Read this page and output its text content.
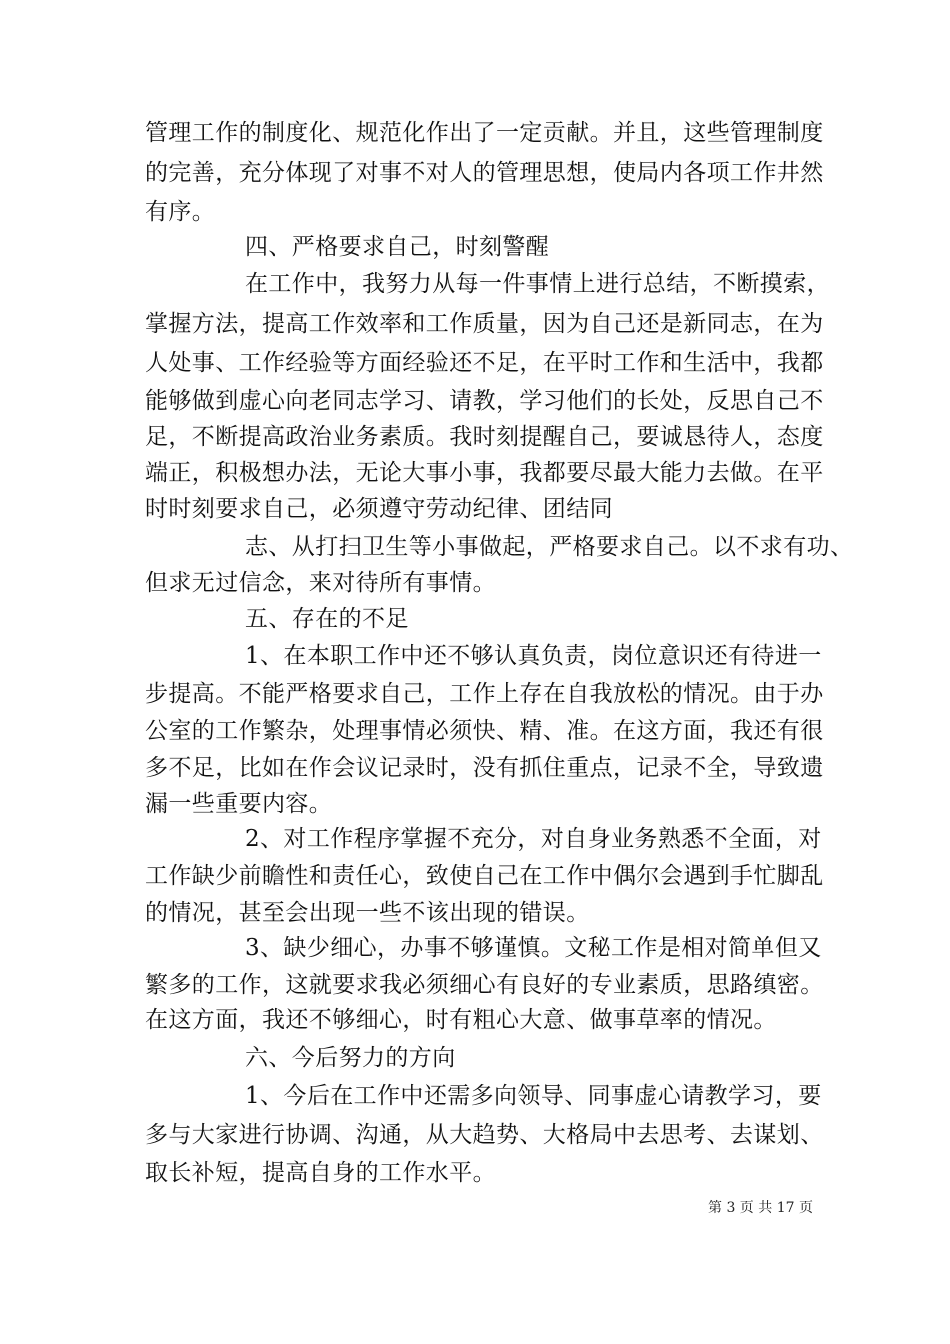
管理工作的制度化、规范化作出了一定贡献。并且，这些管理制度
的完善，充分体现了对事不对人的管理思想，使局内各项工作井然
有序。
四、严格要求自己，时刻警醒
在工作中，我努力从每一件事情上进行总结，不断摸索，
掌握方法，提高工作效率和工作质量，因为自己还是新同志，在为
人处事、工作经验等方面经验还不足，在平时工作和生活中，我都
能够做到虚心向老同志学习、请教，学习他们的长处，反思自己不
足，不断提高政治业务素质。我时刻提醒自己，要诚恳待人，态度
端正，积极想办法，无论大事小事，我都要尽最大能力去做。在平
时时刻要求自己，必须遵守劳动纪律、团结同
志、从打扫卫生等小事做起，严格要求自己。以不求有功、
但求无过信念，来对待所有事情。
五、存在的不足
1、在本职工作中还不够认真负责，岗位意识还有待进一
步提高。不能严格要求自己，工作上存在自我放松的情况。由于办
公室的工作繁杂，处理事情必须快、精、准。在这方面，我还有很
多不足，比如在作会议记录时，没有抓住重点，记录不全，导致遗
漏一些重要内容。
2、对工作程序掌握不充分，对自身业务熟悉不全面，对
工作缺少前瞻性和责任心，致使自己在工作中偶尔会遇到手忙脚乱
的情况，甚至会出现一些不该出现的错误。
3、缺少细心，办事不够谨慎。文秘工作是相对简单但又
繁多的工作，这就要求我必须细心有良好的专业素质，思路缜密。
在这方面，我还不够细心，时有粗心大意、做事草率的情况。
六、今后努力的方向
1、今后在工作中还需多向领导、同事虚心请教学习，要
多与大家进行协调、沟通，从大趋势、大格局中去思考、去谋划、
取长补短，提高自身的工作水平。
第 3 页 共 17 页
